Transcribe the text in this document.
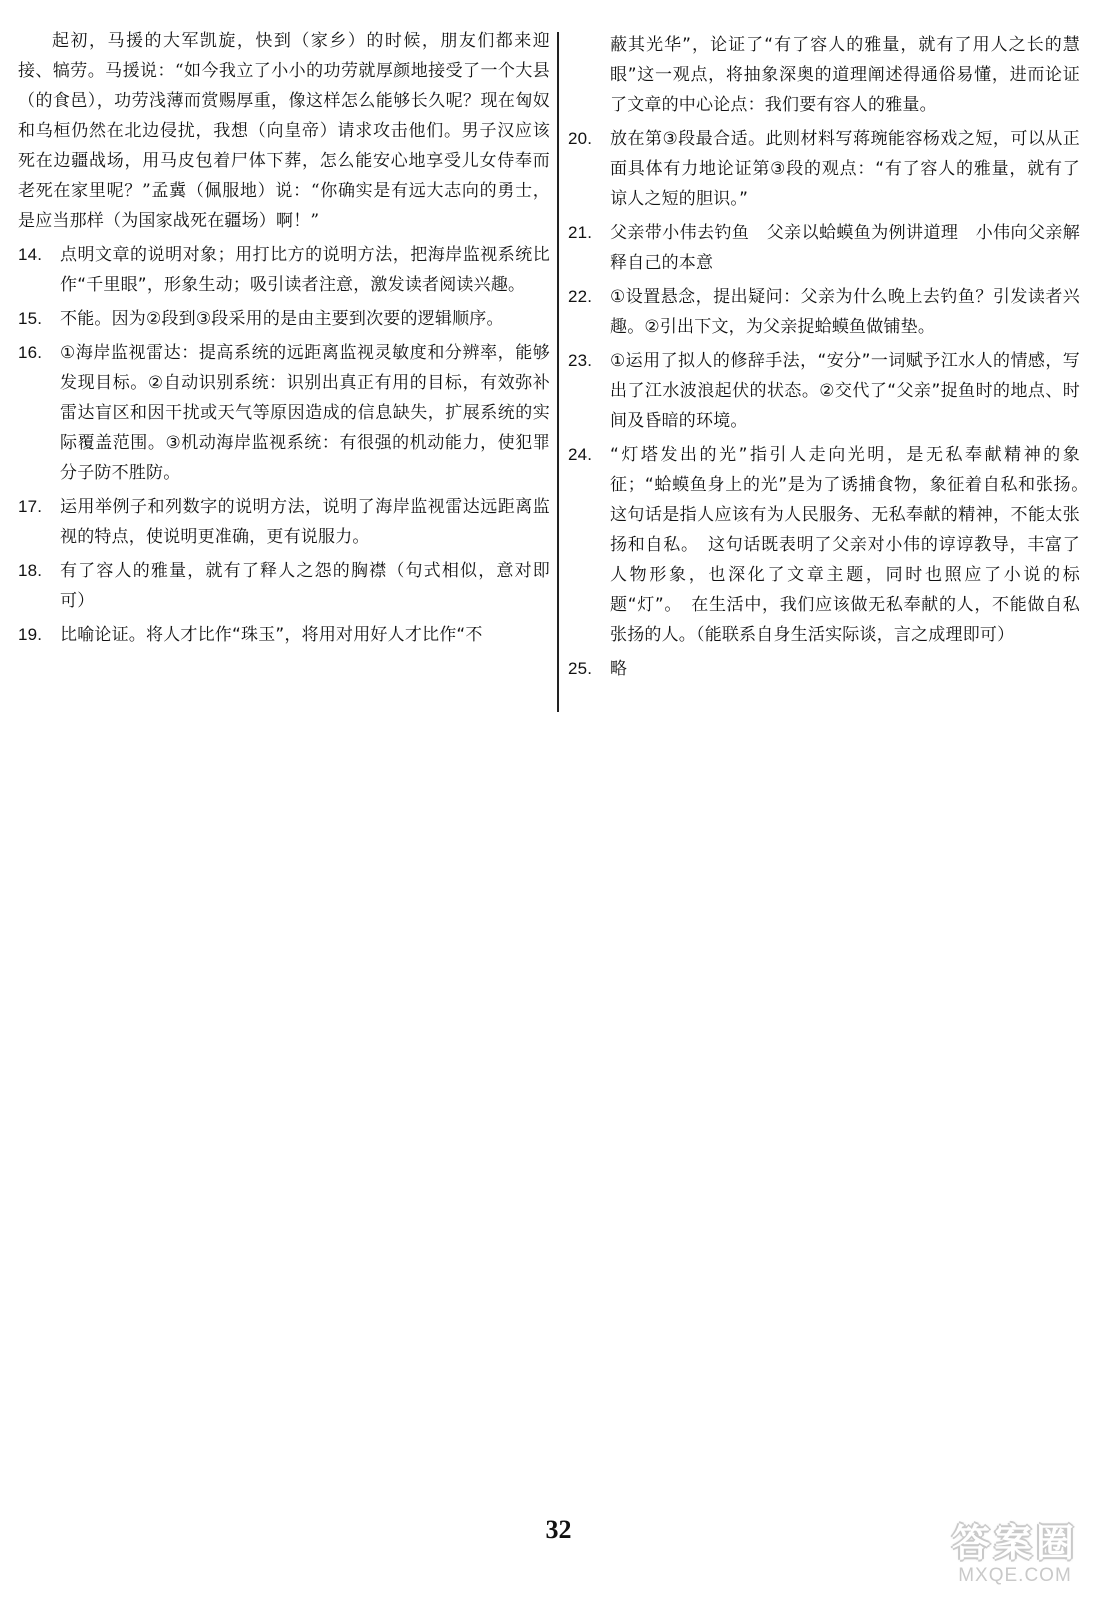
起初，马援的大军凯旋，快到（家乡）的时候，朋友们都来迎接、犒劳。马援说：“如今我立了小小的功劳就厚颜地接受了一个大县（的食邑），功劳浅薄而赏赐厚重，像这样怎么能够长久呢？现在匈奴和乌桓仍然在北边侵扰，我想（向皇帝）请求攻击他们。男子汉应该死在边疆战场，用马皮包着尸体下葬，怎么能安心地享受儿女侍奉而老死在家里呢？”孟冀（佩服地）说：“你确实是有远大志向的勇士，是应当那样（为国家战死在疆场）啊！”
14.	点明文章的说明对象；用打比方的说明方法，把海岸监视系统比作“千里眼”，形象生动；吸引读者注意，激发读者阅读兴趣。
15.	不能。因为②段到③段采用的是由主要到次要的逻辑顺序。
16.	①海岸监视雷达：提高系统的远距离监视灵敏度和分辨率，能够发现目标。②自动识别系统：识别出真正有用的目标，有效弥补雷达盲区和因干扰或天气等原因造成的信息缺失，扩展系统的实际覆盖范围。③机动海岸监视系统：有很强的机动能力，使犯罪分子防不胜防。
17.	运用举例子和列数字的说明方法，说明了海岸监视雷达远距离监视的特点，使说明更准确，更有说服力。
18.	有了容人的雅量，就有了释人之怨的胸襟（句式相似，意对即可）
19.	比喻论证。将人才比作“珠玉”，将用对用好人才比作“不
蔽其光华”，论证了“有了容人的雅量，就有了用人之长的慧眼”这一观点，将抽象深奥的道理阐述得通俗易懂，进而论证了文章的中心论点：我们要有容人的雅量。
20.	放在第③段最合适。此则材料写蒋琬能容杨戏之短，可以从正面具体有力地论证第③段的观点：“有了容人的雅量，就有了谅人之短的胆识。”
21.	父亲带小伟去钓鱼　父亲以蛤蟆鱼为例讲道理　小伟向父亲解释自己的本意
22.	①设置悬念，提出疑问：父亲为什么晚上去钓鱼？引发读者兴趣。②引出下文，为父亲捉蛤蟆鱼做铺垫。
23.	①运用了拟人的修辞手法，“安分”一词赋予江水人的情感，写出了江水波浪起伏的状态。②交代了“父亲”捉鱼时的地点、时间及昏暗的环境。
24.	“灯塔发出的光”指引人走向光明，是无私奉献精神的象征；“蛤蟆鱼身上的光”是为了诱捕食物，象征着自私和张扬。　这句话是指人应该有为人民服务、无私奉献的精神，不能太张扬和自私。　这句话既表明了父亲对小伟的谆谆教导，丰富了人物形象，也深化了文章主题，同时也照应了小说的标题“灯”。　在生活中，我们应该做无私奉献的人，不能做自私张扬的人。（能联系自身生活实际谈，言之成理即可）
25.	略
32	答案圈
MXQE.COM
